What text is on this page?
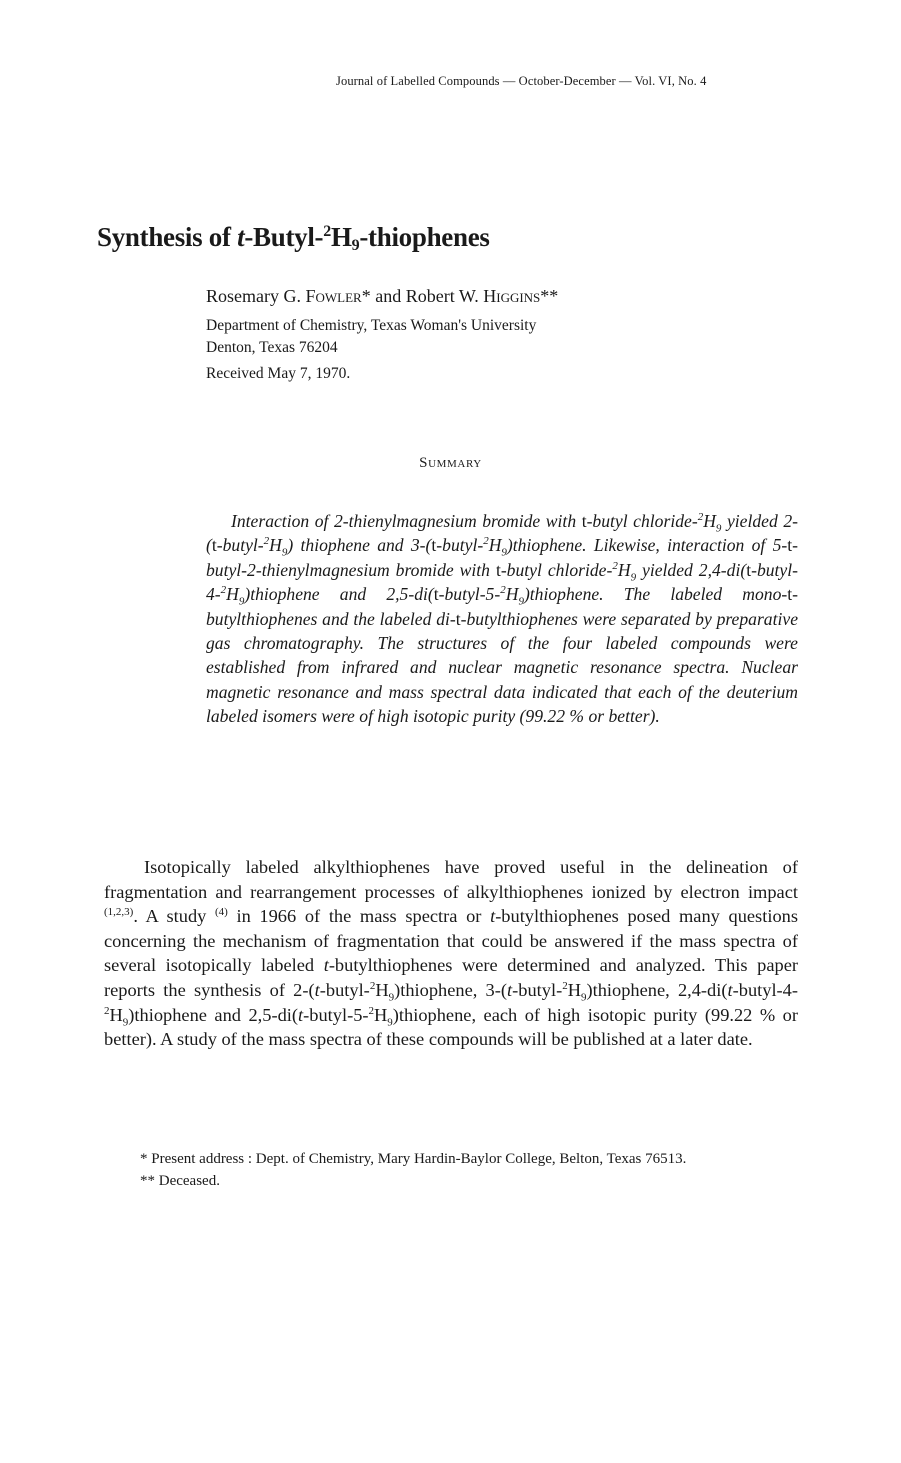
Journal of Labelled Compounds — October-December — Vol. VI, No. 4
Synthesis of $t-Butyl-^2H_9$-thiophenes
Rosemary G. Fowler* and Robert W. Higgins**
Department of Chemistry, Texas Woman's University
Denton, Texas 76204
Received May 7, 1970.
Summary

Interaction of 2-thienylmagnesium bromide with t-butyl chloride-$^2H_9$ yielded $2-(t-butyl-^2H_9)$ thiophene and $3-(t-butyl-^2H_9)thiophene$. Likewise, interaction of 5-t-butyl-2-thienylmagnesium bromide with t-butyl chloride-$^2H_9$ yielded $2,4-di(t-butyl-4-^2H_9)thiophene$ and $2,5-di(t-butyl-5-^2H_9)thiophene$. The labeled mono-t-butylthiophenes and the labeled di-t-butylthiophenes were separated by preparative gas chromatography. The structures of the four labeled compounds were established from infrared and nuclear magnetic resonance spectra. Nuclear magnetic resonance and mass spectral data indicated that each of the deuterium labeled isomers were of high isotopic purity (99.22 % or better).

Isotopically labeled alkylthiophenes have proved useful in the delineation of fragmentation and rearrangement processes of alkylthiophenes ionized by electron impact $^{(1,2,3)}$. A study $^{(4)}$ in 1966 of the mass spectra or t-butylthiophenes posed many questions concerning the mechanism of fragmentation that could be answered if the mass spectra of several isotopically labeled t-butylthiophenes were determined and analyzed. This paper reports the synthesis of $2-(t-butyl-^2H_9)thiophene$, $3-(t-butyl-^2H_9)thiophene$, $2,4-di(t-butyl-4-^2H_9)thiophene$ and $2,5-di(t-butyl-5-^2H_9)thiophene$, each of high isotopic purity (99.22 % or better). A study of the mass spectra of these compounds will be published at a later date.

* Present address : Dept. of Chemistry, Mary Hardin-Baylor College, Belton, Texas 76513.

** Deceased.
